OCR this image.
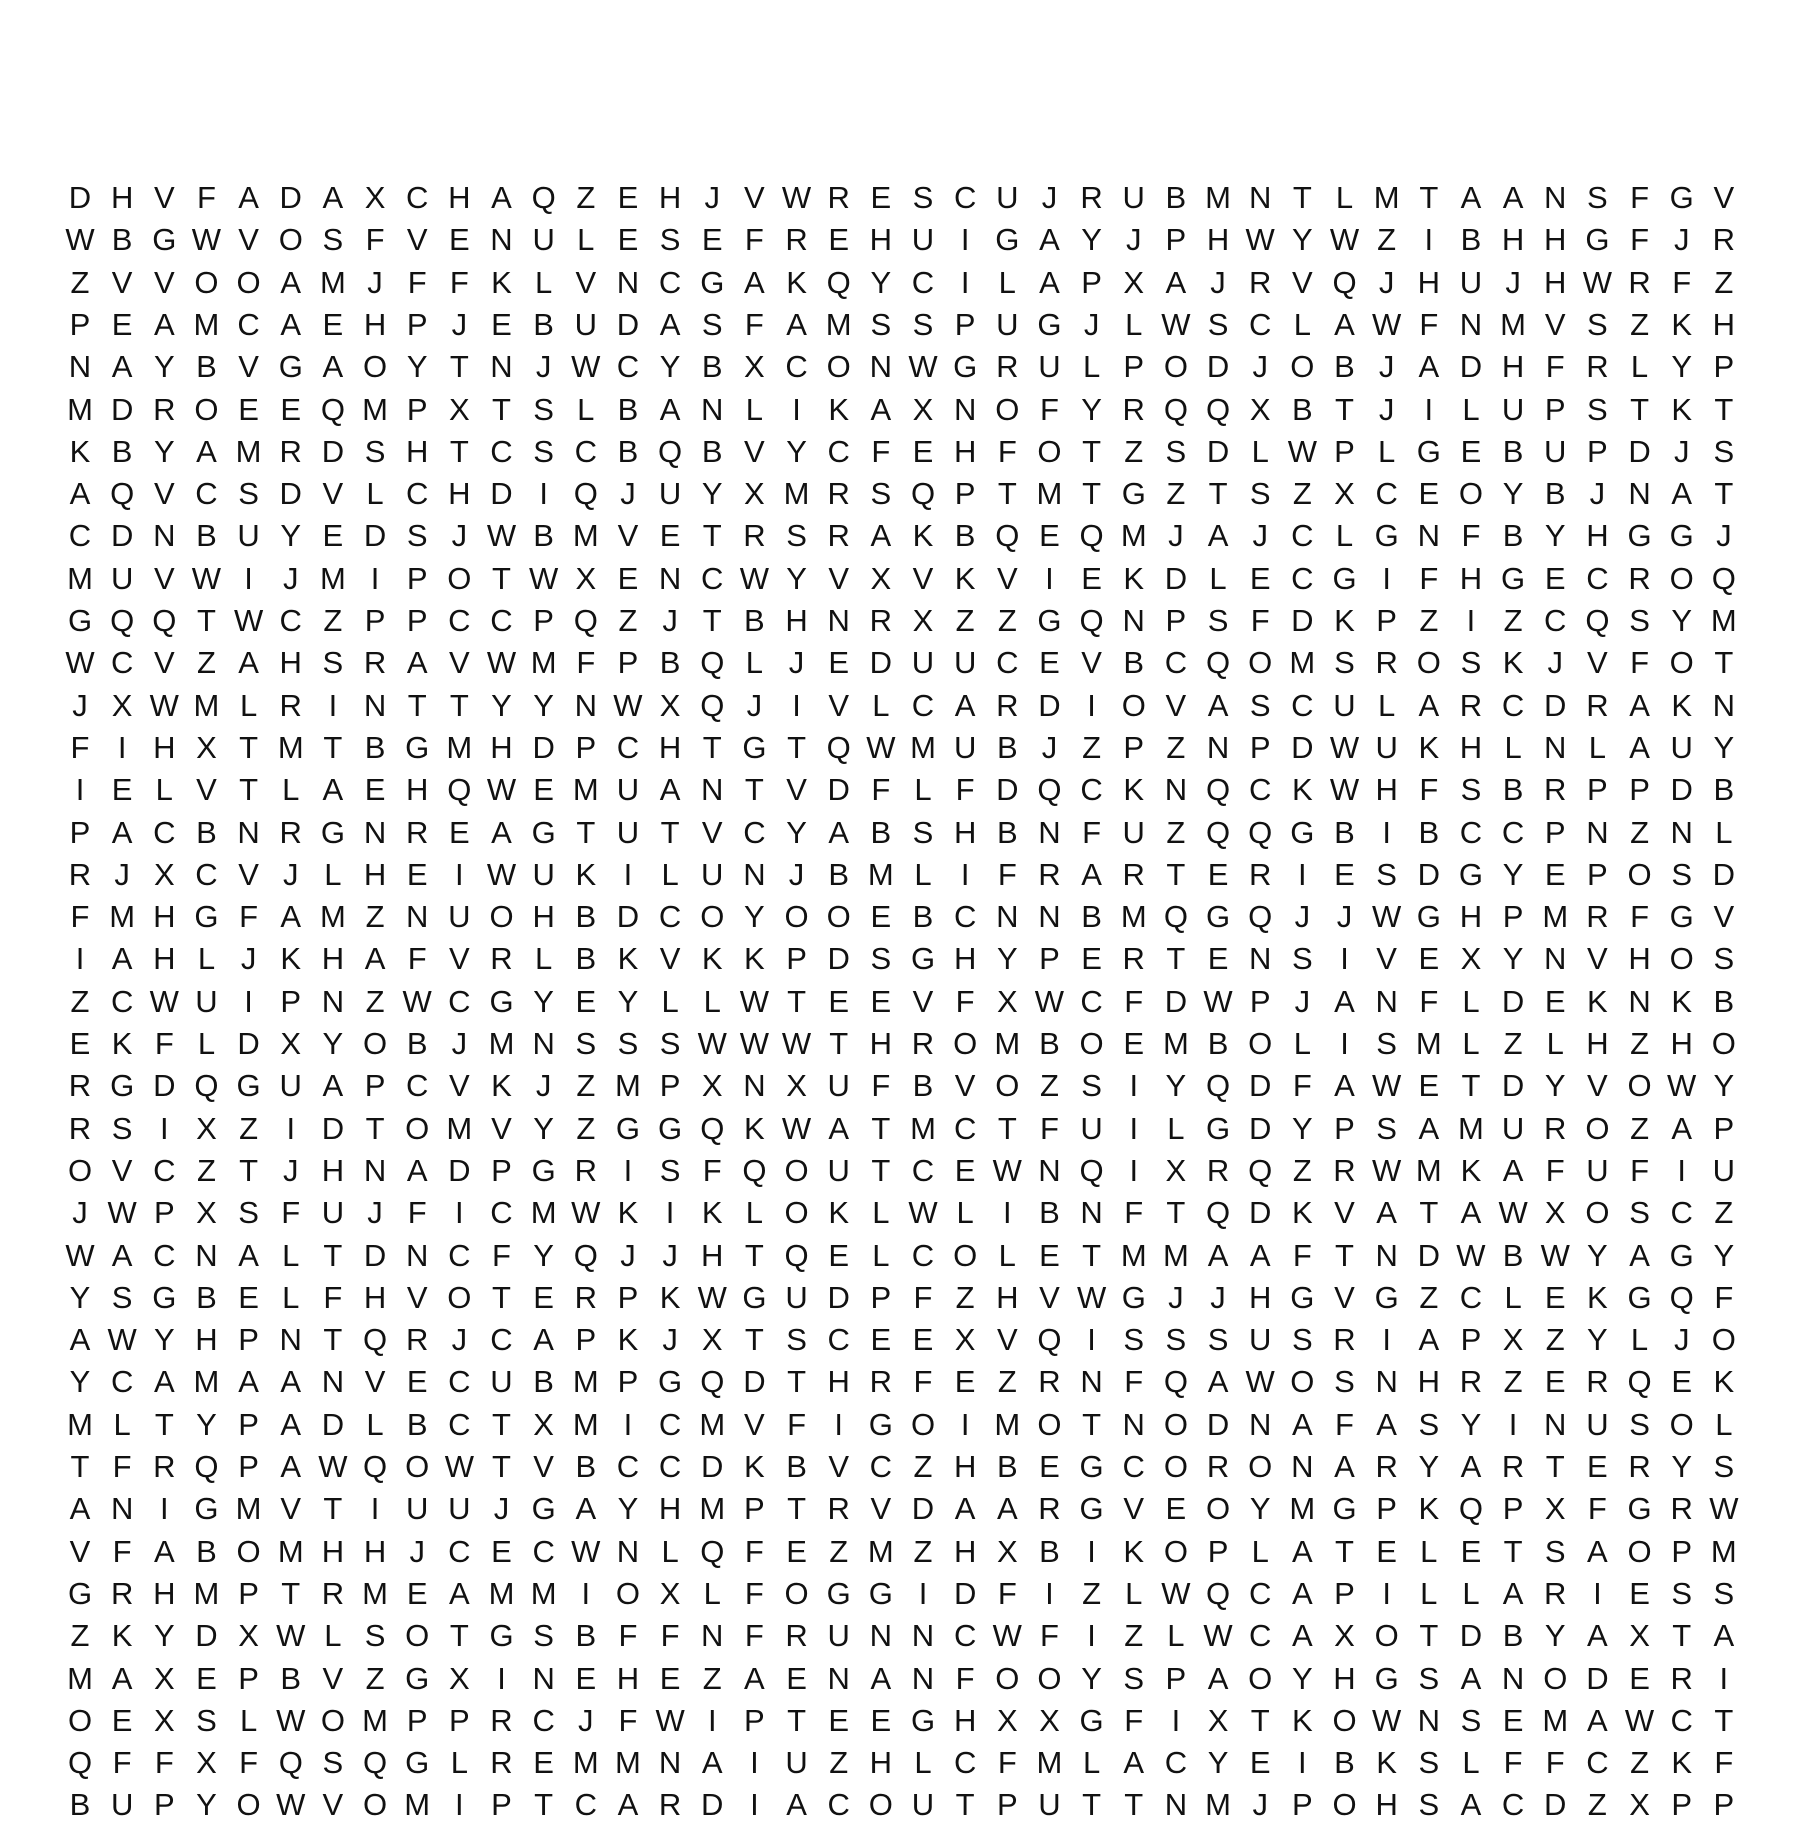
D H V F A D A X C H A Q Z E H J V W R E S C U J R U B M N T L M T A A N S F G V
W B G W V O S F V E N U L E S E F R E H U I G A Y J P H W Y W Z I B H H G F J R
Z V V O O A M J F F K L V N C G A K Q Y C I L A P X A J R V Q J H U J H W R F Z
P E A M C A E H P J E B U D A S F A M S S P U G J L W S C L A W F N M V S Z K H
N A Y B V G A O Y T N J W C Y B X C O N W G R U L P O D J O B J A D H F R L Y P
M D R O E E Q M P X T S L B A N L I K A X N O F Y R Q Q X B T J I L U P S T K T
K B Y A M R D S H T C S C B Q B V Y C F E H F O T Z S D L W P L G E B U P D J S
A Q V C S D V L C H D I Q J U Y X M R S Q P T M T G Z T S Z X C E O Y B J N A T
C D N B U Y E D S J W B M V E T R S R A K B Q E Q M J A J C L G N F B Y H G G J
M U V W I J M I P O T W X E N C W Y V X V K V I E K D L E C G I F H G E C R O Q
G Q Q T W C Z P P C C P Q Z J T B H N R X Z Z G Q N P S F D K P Z I Z C Q S Y M
W C V Z A H S R A V W M F P B Q L J E D U U C E V B C Q O M S R O S K J V F O T
J X W M L R I N T T Y Y N W X Q J I V L C A R D I O V A S C U L A R C D R A K N
F I H X T M T B G M H D P C H T G T Q W M U B J Z P Z N P D W U K H L N L A U Y
I E L V T L A E H Q W E M U A N T V D F L F D Q C K N Q C K W H F S B R P P D B
P A C B N R G N R E A G T U T V C Y A B S H B N F U Z Q Q G B I B C C P N Z N L
R J X C V J L H E I W U K I L U N J B M L I F R A R T E R I E S D G Y E P O S D
F M H G F A M Z N U O H B D C O Y O O E B C N N B M Q G Q J J W G H P M R F G V
I A H L J K H A F V R L B K V K K P D S G H Y P E R T E N S I V E X Y N V H O S
Z C W U I P N Z W C G Y E Y L L W T E E V F X W C F D W P J A N F L D E K N K B
E K F L D X Y O B J M N S S S W W W T H R O M B O E M B O L I S M L Z L H Z H O
R G D Q G U A P C V K J Z M P X N X U F B V O Z S I Y Q D F A W E T D Y V O W Y
R S I X Z I D T O M V Y Z G G Q K W A T M C T F U I L G D Y P S A M U R O Z A P
O V C Z T J H N A D P G R I S F Q O U T C E W N Q I X R Q Z R W M K A F U F I U
J W P X S F U J F I C M W K I K L O K L W L I B N F T Q D K V A T A W X O S C Z
W A C N A L T D N C F Y Q J J H T Q E L C O L E T M M A A F T N D W B W Y A G Y
Y S G B E L F H V O T E R P K W G U D P F Z H V W G J J H G V G Z C L E K G Q F
A W Y H P N T Q R J C A P K J X T S C E E X V Q I S S S U S R I A P X Z Y L J O
Y C A M A A N V E C U B M P G Q D T H R F E Z R N F Q A W O S N H R Z E R Q E K
M L T Y P A D L B C T X M I C M V F I G O I M O T N O D N A F A S Y I N U S O L
T F R Q P A W Q O W T V B C C D K B V C Z H B E G C O R O N A R Y A R T E R Y S
A N I G M V T I U U J G A Y H M P T R V D A A R G V E O Y M G P K Q P X F G R W
V F A B O M H H J C E C W N L Q F E Z M Z H X B I K O P L A T E L E T S A O P M
G R H M P T R M E A M M I O X L F O G G I D F I Z L W Q C A P I L L A R I E S S
Z K Y D X W L S O T G S B F F N F R U N N C W F I Z L W C A X O T D B Y A X T A
M A X E P B V Z G X I N E H E Z A E N A N F O O Y S P A O Y H G S A N O D E R I
O E X S L W O M P P R C J F W I P T E E G H X X G F I X T K O W N S E M A W C T
Q F F X F Q S Q G L R E M M N A I U Z H L C F M L A C Y E I B K S L F F C Z K F
B U P Y O W V O M I P T C A R D I A C O U T P U T T N M J P O H S A C D Z X P P
